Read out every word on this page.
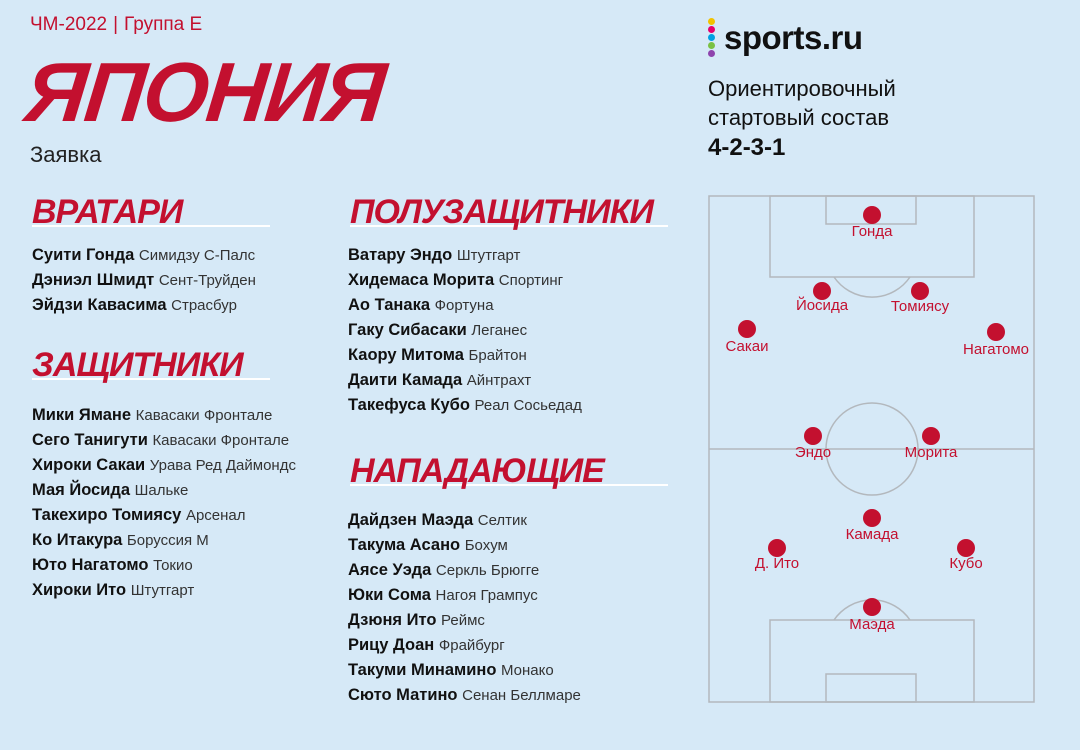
ЧМ-2022 | Группа E
ЯПОНИЯ
Заявка
sports.ru
Ориентировочный
стартовый состав
4-2-3-1
ВРАТАРИ
Суити Гонда Симидзу С-Палс
Дэниэл Шмидт Сент-Труйден
Эйдзи Кавасима Страсбур
ЗАЩИТНИКИ
Мики Ямане Кавасаки Фронтале
Сего Танигути Кавасаки Фронтале
Хироки Сакаи Урава Ред Даймондс
Мая Йосида Шальке
Такехиро Томиясу Арсенал
Ко Итакура Боруссия М
Юто Нагатомо Токио
Хироки Ито Штутгарт
ПОЛУЗАЩИТНИКИ
Ватару Эндо Штутгарт
Хидемаса Морита Спортинг
Ао Танака Фортуна
Гаку Сибасаки Леганес
Каору Митома Брайтон
Даити Камада Айнтрахт
Такефуса Кубо Реал Сосьедад
НАПАДАЮЩИЕ
Дайдзен Маэда Селтик
Такума Асано Бохум
Аясе Уэда Серкль Брюгге
Юки Сома Нагоя Грампус
Дзюня Ито Реймс
Рицу Доан Фрайбург
Такуми Минамино Монако
Сюто Матино Сенан Беллмаре
Гонда
Йосида	Томиясу
Сакаи	Нагатомо
Эндо	Морита
Камада
Д. Ито	Кубо
Маэда
